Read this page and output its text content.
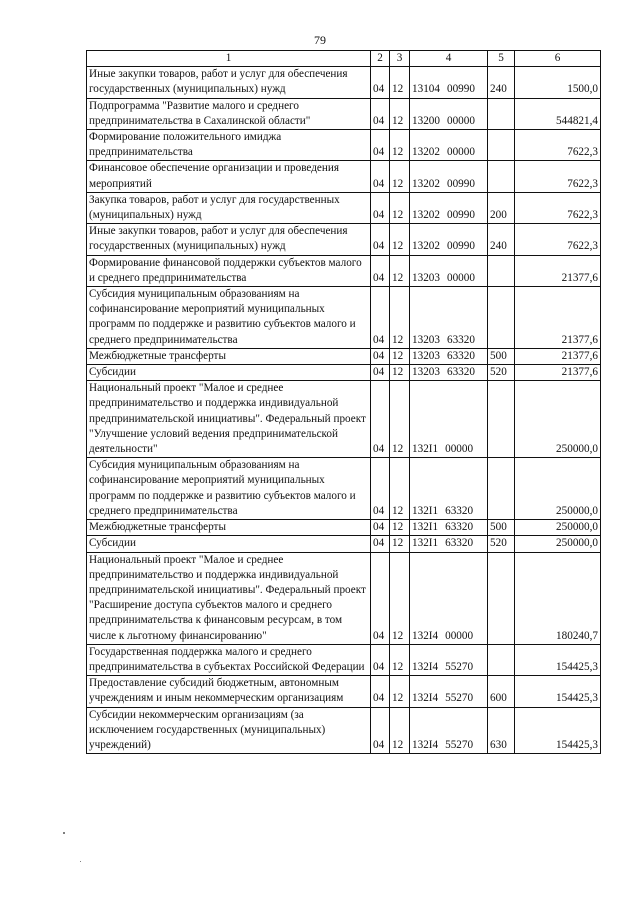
79
1	2	3	4	5	6
Иные закупки товаров, работ и услуг для обеспечения государственных (муниципальных) нужд	04	12	13104 00990	240	1500,0
Подпрограмма "Развитие малого и среднего предпринимательства в Сахалинской области"	04	12	13200 00000		544821,4
Формирование положительного имиджа предпринимательства	04	12	13202 00000		7622,3
Финансовое обеспечение организации и проведения мероприятий	04	12	13202 00990		7622,3
Закупка товаров, работ и услуг для государственных (муниципальных) нужд	04	12	13202 00990	200	7622,3
Иные закупки товаров, работ и услуг для обеспечения государственных (муниципальных) нужд	04	12	13202 00990	240	7622,3
Формирование финансовой поддержки субъектов малого и среднего предпринимательства	04	12	13203 00000		21377,6
Субсидия муниципальным образованиям на софинансирование мероприятий муниципальных программ по поддержке и развитию субъектов малого и среднего предпринимательства	04	12	13203 63320		21377,6
Межбюджетные трансферты	04	12	13203 63320	500	21377,6
Субсидии	04	12	13203 63320	520	21377,6
Национальный проект "Малое и среднее предпринимательство и поддержка индивидуальной предпринимательской инициативы". Федеральный проект "Улучшение условий ведения предпринимательской деятельности"	04	12	132I1 00000		250000,0
Субсидия муниципальным образованиям на софинансирование мероприятий муниципальных программ по поддержке и развитию субъектов малого и среднего предпринимательства	04	12	132I1 63320		250000,0
Межбюджетные трансферты	04	12	132I1 63320	500	250000,0
Субсидии	04	12	132I1 63320	520	250000,0
Национальный проект "Малое и среднее предпринимательство и поддержка индивидуальной предпринимательской инициативы". Федеральный проект "Расширение доступа субъектов малого и среднего предпринимательства к финансовым ресурсам, в том числе к льготному финансированию"	04	12	132I4 00000		180240,7
Государственная поддержка малого и среднего предпринимательства в субъектах Российской Федерации	04	12	132I4 55270		154425,3
Предоставление субсидий бюджетным, автономным учреждениям и иным некоммерческим организациям	04	12	132I4 55270	600	154425,3
Субсидии некоммерческим организациям (за исключением государственных (муниципальных) учреждений)	04	12	132I4 55270	630	154425,3
